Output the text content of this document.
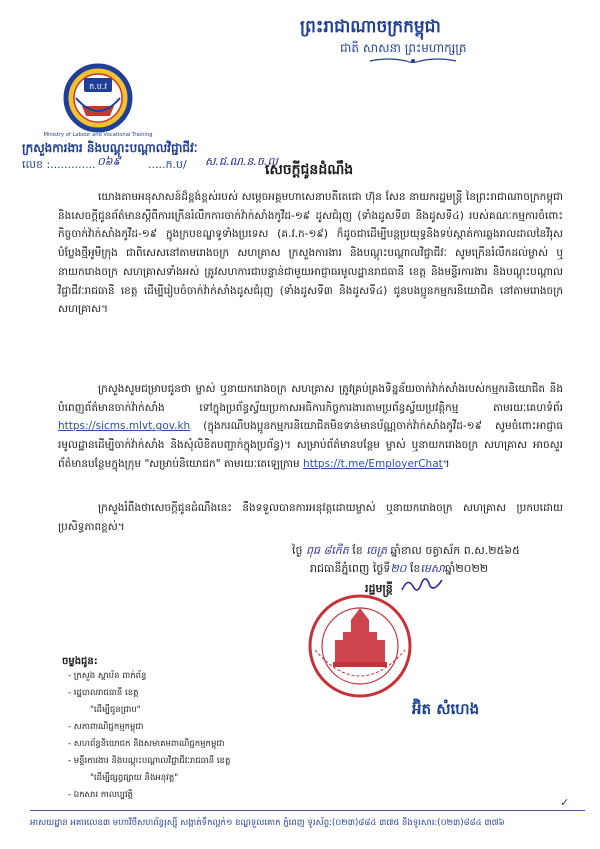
ព្រះរាជាណាចក្រកម្ពុជា
ជាតិ សាសនា ព្រះមហាក្សត្រ
ក.ប.វ
Ministry of Labour and Vocational Training
ក្រសួងការងារ និងបណ្តុះបណ្តាលវិជ្ជាជីវៈ
លេខ :............. ០៦៩	.....ក.ប/ ស.ជ.ណ.ន.ច.ល
សេចក្តីជូនដំណឹង
យោងតាមអនុសាសន៍ដ៏ខ្ពង់ខ្ពស់របស់ សម្តេចអគ្គមហាសេនាបតីតេជោ ហ៊ុន សែន នាយករដ្ឋមន្ត្រី នៃព្រះរាជាណាចក្រកម្ពុជា និងសេចក្តីជូនព័ត៌មានស្តីពីការក្រើនរំលឹកការចាក់វ៉ាក់សាំងកូវីដ-១៩ ដូសជំរុញ (ទាំងដូសទី៣ និងដូសទី៤) របស់គណៈកម្មការចំពោះកិច្ចចាក់វ៉ាក់សាំងកូវីដ-១៩ ក្នុងក្របខណ្ឌទូទាំងប្រទេស (គ.វ.ក-១៩) ក៏ដូចជាដើម្បីបន្តប្រយុទ្ធនិងទប់ស្កាត់ការឆ្លងរាលដាលនៃវីរុសបំប្លែងថ្មីអូមីក្រុង ជាពិសេសនៅតាមរោងចក្រ សហគ្រាស ក្រសួងការងារ និងបណ្តុះបណ្តាលវិជ្ជាជីវៈ សូមក្រើនរំលឹកដល់ម្ចាស់ ឬនាយករោងចក្រ សហគ្រាសទាំងអស់ ត្រូវសហការជាបន្ទាន់ជាមួយអាជ្ញាធរមូលដ្ឋានរាជធានី ខេត្ត និងមន្ទីរការងារ និងបណ្តុះបណ្តាលវិជ្ជាជីវៈរាជធានី ខេត្ត ដើម្បីរៀបចំចាក់វ៉ាក់សាំងដូសជំរុញ (ទាំងដូសទី៣ និងដូសទី៤) ជូនបងប្អូនកម្មករនិយោជិត នៅតាមរោងចក្រ សហគ្រាស។
ក្រសួងសូមជម្រាបជូនថា ម្ចាស់ ឬនាយករោងចក្រ សហគ្រាស ត្រូវគ្រប់គ្រងទិន្នន័យចាក់វ៉ាក់សាំងរបស់កម្មករនិយោជិត និងបំពេញព័ត៌មានចាក់វ៉ាក់សាំង ទៅក្នុងប្រព័ន្ធស្វ័យប្រកាសអធិការកិច្ចការងារតាមប្រព័ន្ធស្វ័យប្រវត្តិកម្ម តាមរយៈគេហទំព័រ https://sicms.mlvt.gov.kh (ក្នុងករណីបងប្អូនកម្មករនិយោជិតមិនទាន់មានប័ណ្ណចាក់វ៉ាក់សាំងកូវីដ-១៩ សូមចំពោះអាជ្ញាធរមូលដ្ឋានដើម្បីចាក់វ៉ាក់សាំង និងសុំលិខិតបញ្ជាក់ក្នុងប្រព័ន្ធ)។ សម្រាប់ព័ត៌មានបន្ថែម ម្ចាស់ ឬនាយករោងចក្រ សហគ្រាស អាចសួរព័ត៌មានបន្ថែមក្នុងក្រុម "សម្រាប់និយោជក" តាមរយៈតេឡេក្រាម https://t.me/EmployerChat។
ក្រសួងរំពឹងថាសេចក្តីជូនដំណឹងនេះ នឹងទទួលបានការអនុវត្តដោយម្ចាស់ ឬនាយករោងចក្រ សហគ្រាស ប្រកបដោយប្រសិទ្ធភាពខ្ពស់។
ថ្ងៃ ពុធ ៨កើត ខែ ចេត្រ ឆ្នាំខាល ចត្វាស័ក ព.ស.២៥៦៥
រាជធានីភ្នំពេញ ថ្ងៃទី២០ ខែមេសាឆ្នាំ២០២២
រដ្ឋមន្ត្រី
អ៊ិត សំហេង
ចម្លងជូន:
- ក្រសួង ស្ថាប័ន ពាក់ព័ន្ធ
- រដ្ឋបាលរាជធានី ខេត្ត
"ដើម្បីជូនជ្រាប"
- សភាពាណិជ្ជកម្មកម្ពុជា
- សហព័ន្ធនិយោជក និងសមាគមពាណិជ្ជកម្មកម្ពុជា
- មន្ទីរការងារ និងបណ្តុះបណ្តាលវិជ្ជាជីវៈរាជធានី ខេត្ត
"ដើម្បីផ្សព្វផ្សាយ និងអនុវត្ត"
- ឯកសារ កាលប្បវត្តិ
✓
អាសយដ្ឋាន អគារលេខ៣ មហាវិថីសហព័ន្ធរុស្ស៊ី សង្កាត់ទឹកល្អក់១ ខណ្ឌទួលគោក ភ្នំពេញ ទូរស័ព្ទ:(០២៣)៨៨៤ ៣៧៥ និងទូរសារ:(០២៣)៨៨៤ ៣៧៦
